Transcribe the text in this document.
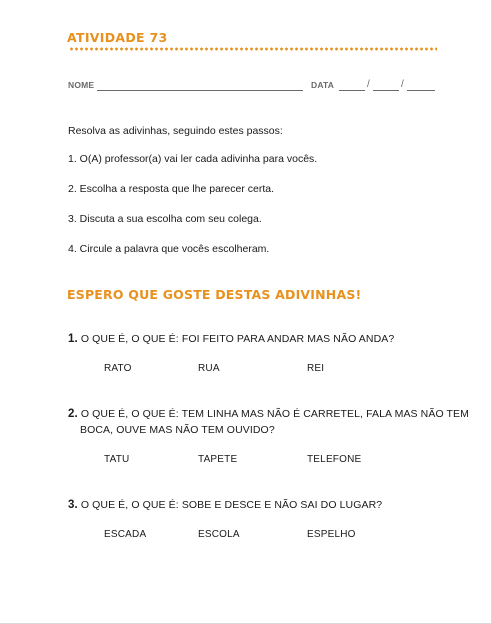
ATIVIDADE 73
NOME	DATA	/	/

Resolva as adivinhas, seguindo estes passos:

1. O(A) professor(a) vai ler cada adivinha para vocês.

2. Escolha a resposta que lhe parecer certa.

3. Discuta a sua escolha com seu colega.

4. Circule a palavra que vocês escolheram.

ESPERO QUE GOSTE DESTAS ADIVINHAS!
1. O QUE É, O QUE É: FOI FEITO PARA ANDAR MAS NÃO ANDA?
RATO	RUA	REI
2. O QUE É, O QUE É: TEM LINHA MAS NÃO É CARRETEL, FALA MAS NÃO TEM
BOCA, OUVE MAS NÃO TEM OUVIDO?
TATU	TAPETE	TELEFONE
3. O QUE É, O QUE É: SOBE E DESCE E NÃO SAI DO LUGAR?
ESCADA	ESCOLA	ESPELHO
